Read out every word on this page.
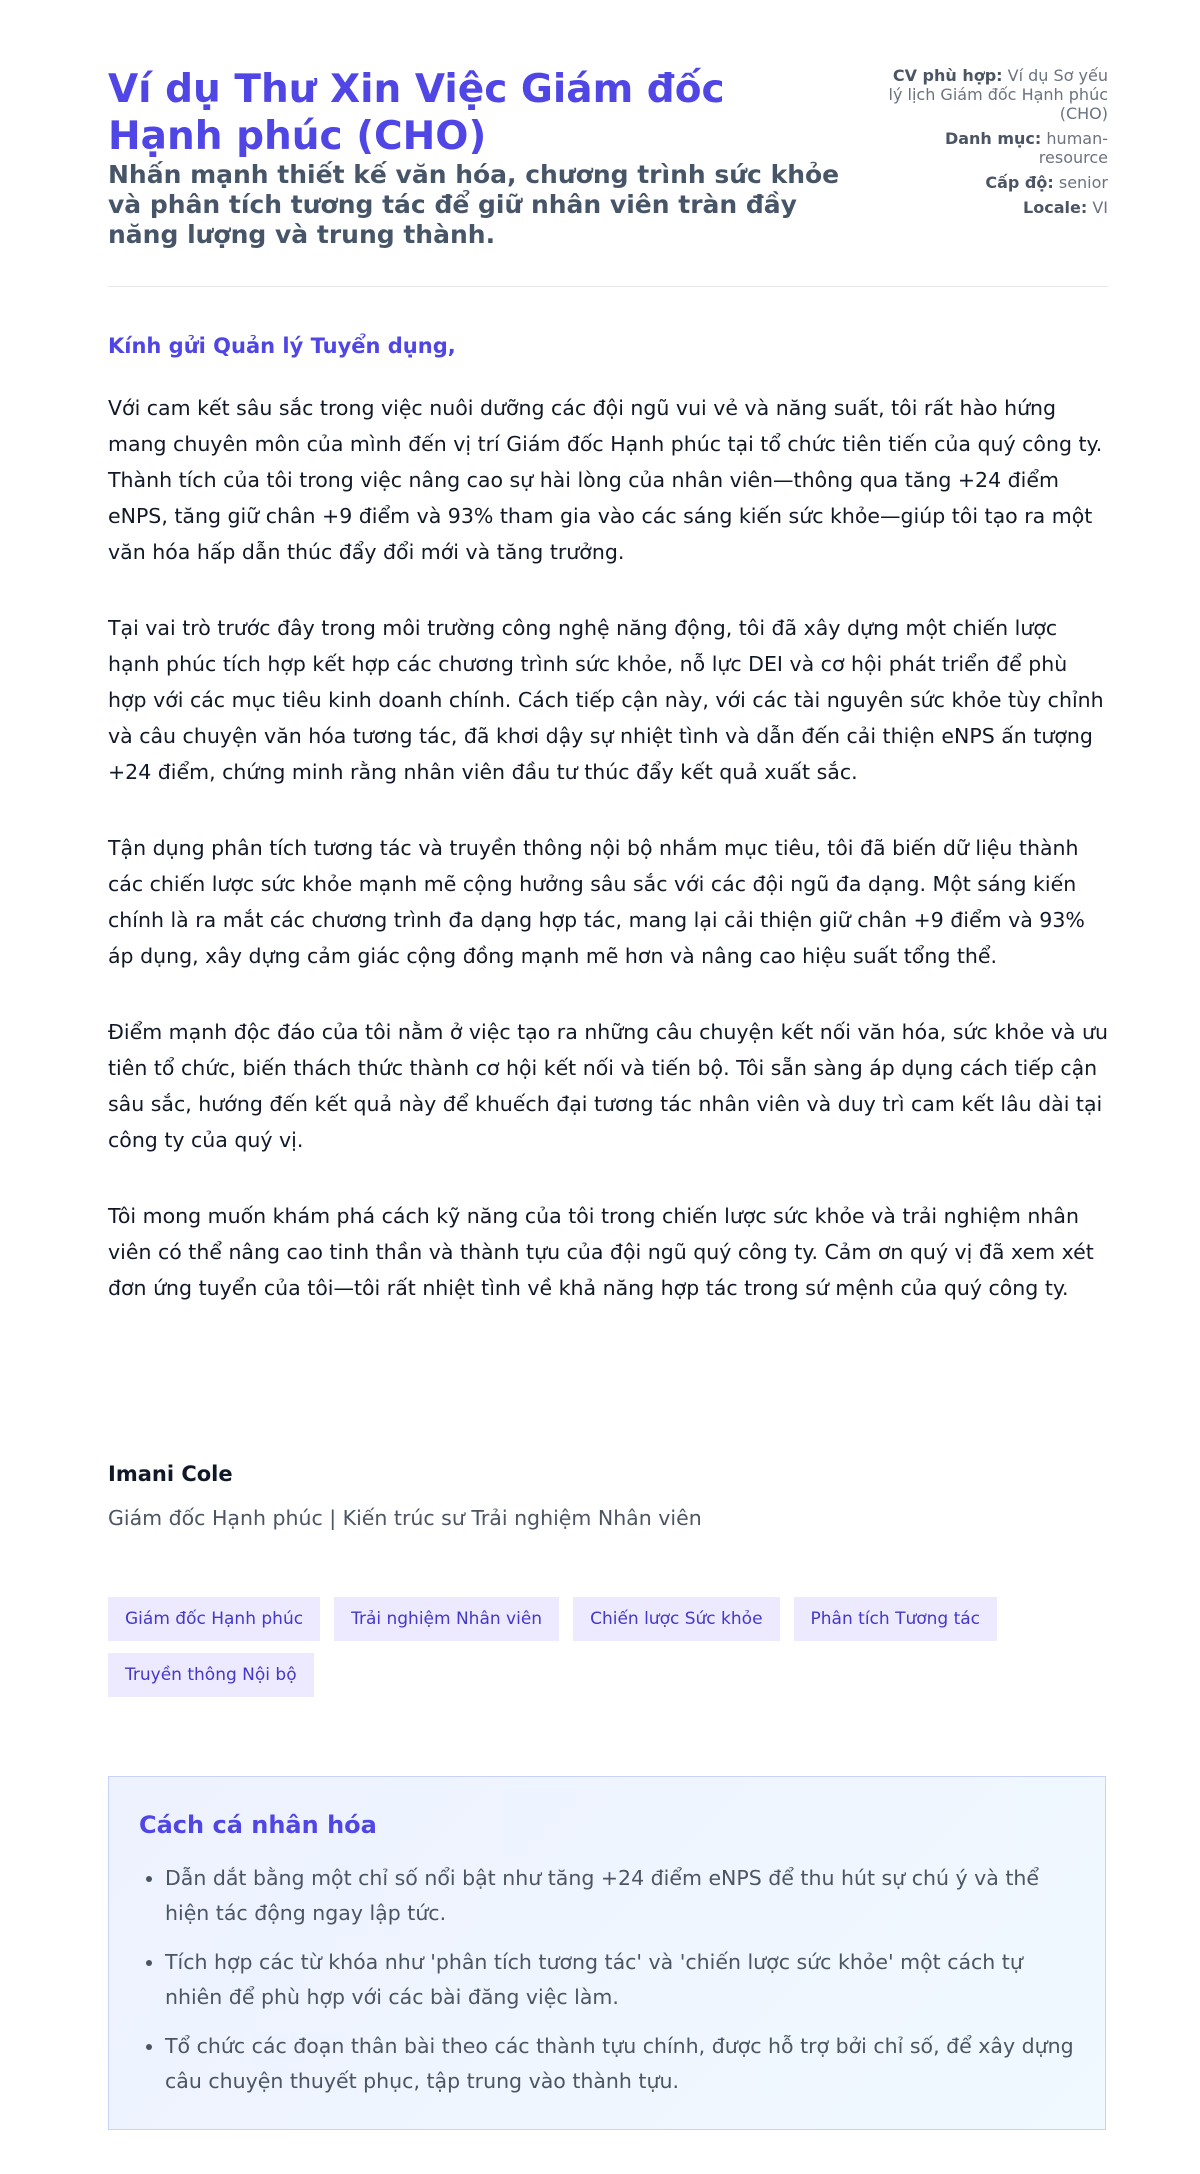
Ví dụ Thư Xin Việc Giám đốc Hạnh phúc (CHO)
Nhấn mạnh thiết kế văn hóa, chương trình sức khỏe và phân tích tương tác để giữ nhân viên tràn đầy năng lượng và trung thành.
CV phù hợp: Ví dụ Sơ yếu lý lịch Giám đốc Hạnh phúc (CHO)
Danh mục: human-resource
Cấp độ: senior
Locale: VI
Kính gửi Quản lý Tuyển dụng,

Với cam kết sâu sắc trong việc nuôi dưỡng các đội ngũ vui vẻ và năng suất, tôi rất hào hứng mang chuyên môn của mình đến vị trí Giám đốc Hạnh phúc tại tổ chức tiên tiến của quý công ty. Thành tích của tôi trong việc nâng cao sự hài lòng của nhân viên—thông qua tăng +24 điểm eNPS, tăng giữ chân +9 điểm và 93% tham gia vào các sáng kiến sức khỏe—giúp tôi tạo ra một văn hóa hấp dẫn thúc đẩy đổi mới và tăng trưởng.

Tại vai trò trước đây trong môi trường công nghệ năng động, tôi đã xây dựng một chiến lược hạnh phúc tích hợp kết hợp các chương trình sức khỏe, nỗ lực DEI và cơ hội phát triển để phù hợp với các mục tiêu kinh doanh chính. Cách tiếp cận này, với các tài nguyên sức khỏe tùy chỉnh và câu chuyện văn hóa tương tác, đã khơi dậy sự nhiệt tình và dẫn đến cải thiện eNPS ấn tượng +24 điểm, chứng minh rằng nhân viên đầu tư thúc đẩy kết quả xuất sắc.

Tận dụng phân tích tương tác và truyền thông nội bộ nhắm mục tiêu, tôi đã biến dữ liệu thành các chiến lược sức khỏe mạnh mẽ cộng hưởng sâu sắc với các đội ngũ đa dạng. Một sáng kiến chính là ra mắt các chương trình đa dạng hợp tác, mang lại cải thiện giữ chân +9 điểm và 93% áp dụng, xây dựng cảm giác cộng đồng mạnh mẽ hơn và nâng cao hiệu suất tổng thể.

Điểm mạnh độc đáo của tôi nằm ở việc tạo ra những câu chuyện kết nối văn hóa, sức khỏe và ưu tiên tổ chức, biến thách thức thành cơ hội kết nối và tiến bộ. Tôi sẵn sàng áp dụng cách tiếp cận sâu sắc, hướng đến kết quả này để khuếch đại tương tác nhân viên và duy trì cam kết lâu dài tại công ty của quý vị.

Tôi mong muốn khám phá cách kỹ năng của tôi trong chiến lược sức khỏe và trải nghiệm nhân viên có thể nâng cao tinh thần và thành tựu của đội ngũ quý công ty. Cảm ơn quý vị đã xem xét đơn ứng tuyển của tôi—tôi rất nhiệt tình về khả năng hợp tác trong sứ mệnh của quý công ty.

Imani Cole
Giám đốc Hạnh phúc | Kiến trúc sư Trải nghiệm Nhân viên
Giám đốc Hạnh phúc	Trải nghiệm Nhân viên	Chiến lược Sức khỏe	Phân tích Tương tác
Truyền thông Nội bộ
Cách cá nhân hóa
• Dẫn dắt bằng một chỉ số nổi bật như tăng +24 điểm eNPS để thu hút sự chú ý và thể hiện tác động ngay lập tức.
• Tích hợp các từ khóa như 'phân tích tương tác' và 'chiến lược sức khỏe' một cách tự nhiên để phù hợp với các bài đăng việc làm.
• Tổ chức các đoạn thân bài theo các thành tựu chính, được hỗ trợ bởi chỉ số, để xây dựng câu chuyện thuyết phục, tập trung vào thành tựu.
